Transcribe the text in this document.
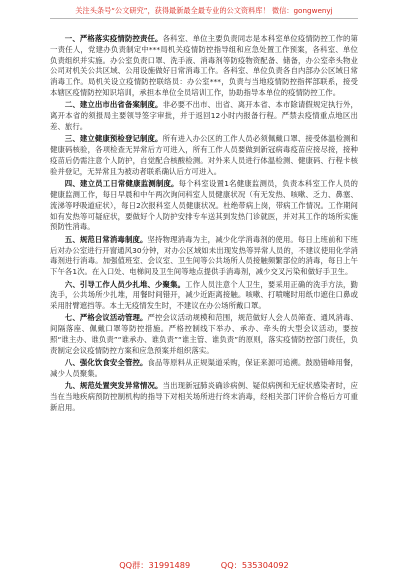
关注头条号“公文研究”，获得最新最全最专业的公文资料库！ 微信：gongwenyj

一、严格落实疫情防控责任。各科室、单位主要负责同志是本科室单位疫情防控工作的第一责任人，党建办负责制定中***局机关疫情防控指导组和应急处置工作预案，各科室、单位负责组织并实施。办公室负责口罩、洗手液、消毒剂等防疫物资配备、储备，办公室牵头物业公司对机关公共区域、公用设施做好日常消毒工作。各科室、单位负责各自内部办公区域日常消毒工作。局机关设立疫情防控联络员：办公室***，负责与当地疫情防控指挥部联系，接受本辖区疫情防控知识培训，承担本单位全员培训工作，协助指导本单位的疫情防控工作。

二、建立出市出省备案制度。非必要不出市、出省、离开本省、本市除请假规定执行外，离开本省的须报局主要领导签字审批，并于返回12小时内报备行程。严禁去疫情重点地区出差、旅行。

三、建立健康预检登记制度。所有进入办公区的工作人员必须佩戴口罩、接受体温检测和健康码核验，各项检查无异常后方可进入，所有工作人员要做到新冠病毒疫苗应接尽接，接种疫苗后仍需注意个人防护，自觉配合核酸检测。对外来人员进行体温检测、健康码、行程卡核验并登记，无异常且为被动者联系确认后方可进入。

四、建立员工日常健康监测制度。每个科室设置1名健康监测员，负责本科室工作人员的健康监测工作，每日早晨和中午两次询问科室人员健康状况（有无发热、咳嗽、乏力、鼻塞、流涕等呼吸道症状），每日2次报科室人员健康状况。杜绝带病上岗，带病工作情况。工作期间如有发热等可疑症状，要做好个人防护安排专车送其到发热门诊就医，并对其工作的场所实施预防性消毒。

五、规范日常消毒制度。坚持物理消毒为主，减少化学消毒剂的使用。每日上班前和下班后对办公室进行开窗通风30分钟，对办公区域如未出现发热等异常人员的，不建议使用化学消毒剂进行消毒。加强值班室、会议室、卫生间等公共场所人员接触频繁部位的消毒，每日上午下午各1次。在入口处、电梯间及卫生间等地点提供手消毒剂，减少交叉污染和做好手卫生。

六、引导工作人员少扎堆、少聚集。工作人员注意个人卫生，要采用正确的洗手方法，勤洗手，公共场所少扎堆，用餐时间错开，减少近距离接触。咳嗽、打喷嚏时用纸巾遮住口鼻或采用肘臂遮挡等。本土无疫情发生时，不建议在办公场所戴口罩。

七、严格会议活动管理。严控会议活动规模和范围，规范做好人会人员筛查、通风消毒、间隔落座、佩戴口罩等防控措施。严格控制线下举办、承办、牵头的大型会议活动，要按照“谁主办、谁负责”“谁承办、谁负责”“谁主管、谁负责”的原则，落实疫情防控部门责任，负责制定会议疫情防控方案和应急预案并组织落实。

八、强化饮食安全管控。食品等原料从正规渠道采购，保证来源可追溯。鼓励错峰用餐，减少人员聚集。

九、规范处置突发异常情况。当出现新冠肺炎确诊病例、疑似病例和无症状感染者时，应当在当地疾病预防控制机构的指导下对相关场所进行终末消毒，经相关部门评价合格后方可重新启用。

QQ群：31991489	QQ：535304092
